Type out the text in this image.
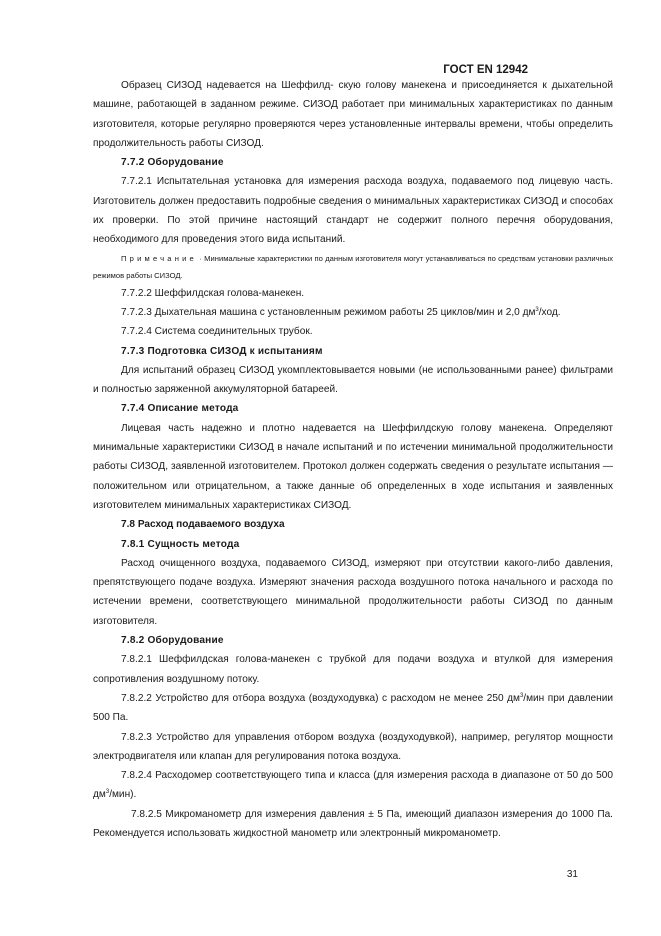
ГОСТ EN 12942

Образец СИЗОД надевается на Шеффилд- скую голову манекена и присоединяется к дыхательной машине, работающей в заданном режиме. СИЗОД работает при минимальных характеристиках по данным изготовителя, которые регулярно проверяются через установленные интервалы времени, чтобы определить продолжительность работы СИЗОД.

7.7.2 Оборудование

7.7.2.1 Испытательная установка для измерения расхода воздуха, подаваемого под лицевую часть. Изготовитель должен предоставить подробные сведения о минимальных характеристиках СИЗОД и способах их проверки. По этой причине настоящий стандарт не содержит полного перечня оборудования, необходимого для проведения этого вида испытаний.

Примечание · Минимальные характеристики по данным изготовителя могут устанавливаться по средствам установки различных режимов работы СИЗОД.

7.7.2.2 Шеффилдская голова-манекен.

7.7.2.3 Дыхательная машина с установленным режимом работы 25 циклов/мин и 2,0 $дм^3$/ход.

7.7.2.4 Система соединительных трубок.

7.7.3 Подготовка СИЗОД к испытаниям

Для испытаний образец СИЗОД укомплектовывается новыми (не использованными ранее) фильтрами и полностью заряженной аккумуляторной батареей.

7.7.4 Описание метода

Лицевая часть надежно и плотно надевается на Шеффилдскую голову манекена. Определяют минимальные характеристики СИЗОД в начале испытаний и по истечении минимальной продолжительности работы СИЗОД, заявленной изготовителем. Протокол должен содержать сведения о результате испытания — положительном или отрицательном, а также данные об определенных в ходе испытания и заявленных изготовителем минимальных характеристиках СИЗОД.

7.8 Расход подаваемого воздуха

7.8.1 Сущность метода

Расход очищенного воздуха, подаваемого СИЗОД, измеряют при отсутствии какого-либо давления, препятствующего подаче воздуха. Измеряют значения расхода воздушного потока начального и расхода по истечении времени, соответствующего минимальной продолжительности работы СИЗОД по данным изготовителя.

7.8.2 Оборудование

7.8.2.1 Шеффилдская голова-манекен с трубкой для подачи воздуха и втулкой для измерения сопротивления воздушному потоку.

7.8.2.2 Устройство для отбора воздуха (воздуходувка) с расходом не менее 250 $дм^3$/мин при давлении 500 Па.

7.8.2.3 Устройство для управления отбором воздуха (воздуходувкой), например, регулятор мощности электродвигателя или клапан для регулирования потока воздуха.

7.8.2.4 Расходомер соответствующего типа и класса (для измерения расхода в диапазоне от 50 до 500 $дм^3/мин$).

7.8.2.5 Микроманометр для измерения давления ± 5 Па, имеющий диапазон измерения до 1000 Па. Рекомендуется использовать жидкостной манометр или электронный микроманометр.

31
